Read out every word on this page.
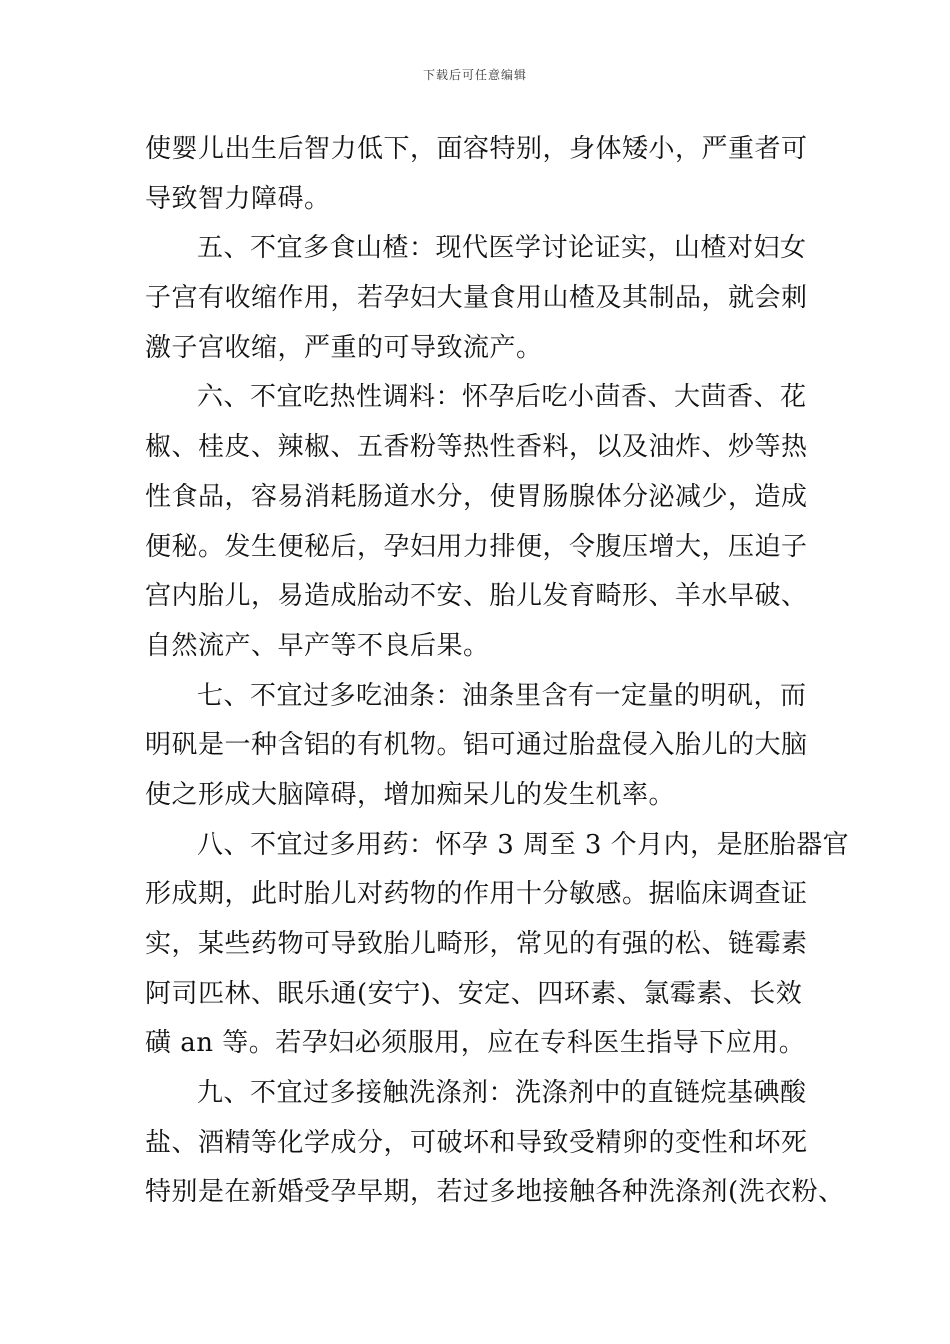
下载后可任意编辑
使婴儿出生后智力低下，面容特别，身体矮小，严重者可
导致智力障碍。
五、不宜多食山楂：现代医学讨论证实，山楂对妇女
子宫有收缩作用，若孕妇大量食用山楂及其制品，就会刺
激子宫收缩，严重的可导致流产。
六、不宜吃热性调料：怀孕后吃小茴香、大茴香、花
椒、桂皮、辣椒、五香粉等热性香料，以及油炸、炒等热
性食品，容易消耗肠道水分，使胃肠腺体分泌减少，造成
便秘。发生便秘后，孕妇用力排便，令腹压增大，压迫子
宫内胎儿，易造成胎动不安、胎儿发育畸形、羊水早破、
自然流产、早产等不良后果。
七、不宜过多吃油条：油条里含有一定量的明矾，而
明矾是一种含铝的有机物。铝可通过胎盘侵入胎儿的大脑
使之形成大脑障碍，增加痴呆儿的发生机率。
八、不宜过多用药：怀孕 3 周至 3 个月内，是胚胎器官
形成期，此时胎儿对药物的作用十分敏感。据临床调查证
实，某些药物可导致胎儿畸形，常见的有强的松、链霉素
阿司匹林、眠乐通(安宁)、安定、四环素、氯霉素、长效
磺 an 等。若孕妇必须服用，应在专科医生指导下应用。
九、不宜过多接触洗涤剂：洗涤剂中的直链烷基碘酸
盐、酒精等化学成分，可破坏和导致受精卵的变性和坏死
特别是在新婚受孕早期，若过多地接触各种洗涤剂(洗衣粉、
